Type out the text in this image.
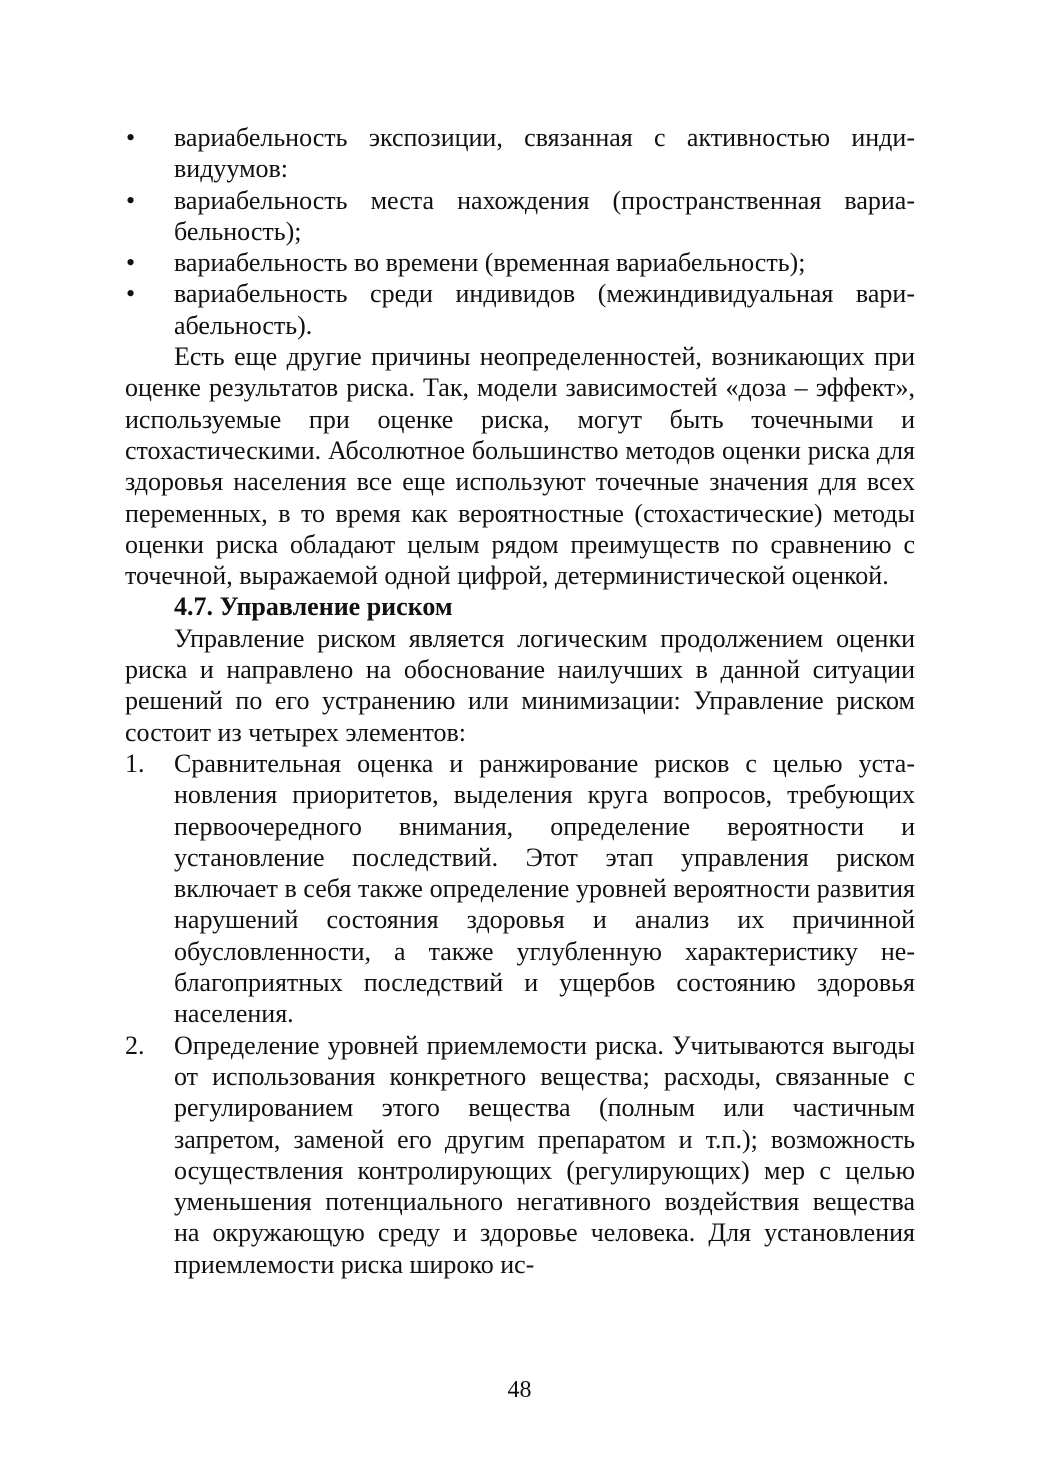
• вариабельность экспозиции, связанная с активностью индивидуумов:
• вариабельность места нахождения (пространственная вариабельность);
• вариабельность во времени (временная вариабельность);
• вариабельность среди индивидов (межиндивидуальная вариабельность).

Есть еще другие причины неопределенностей, возникающих при оценке результатов риска. Так, модели зависимостей «доза – эффект», используемые при оценке риска, могут быть точечными и стохастическими. Абсолютное большинство методов оценки риска для здоровья населения все еще используют точечные значения для всех переменных, в то время как вероятностные (стохастические) методы оценки риска обладают целым рядом преимуществ по сравнению с точечной, выражаемой одной цифрой, детерминистической оценкой.

4.7. Управление риском

Управление риском является логическим продолжением оценки риска и направлено на обоснование наилучших в данной ситуации решений по его устранению или минимизации: Управление риском состоит из четырех элементов:

1. Сравнительная оценка и ранжирование рисков с целью установления приоритетов, выделения круга вопросов, требующих первоочередного внимания, определение вероятности и установление последствий. Этот этап управления риском включает в себя также определение уровней вероятности развития нарушений состояния здоровья и анализ их причинной обусловленности, а также углубленную характеристику неблагоприятных последствий и ущербов состоянию здоровья населения.
2. Определение уровней приемлемости риска. Учитываются выгоды от использования конкретного вещества; расходы, связанные с регулированием этого вещества (полным или частичным запретом, заменой его другим препаратом и т.п.); возможность осуществления контролирующих (регулирующих) мер с целью уменьшения потенциального негативного воздействия вещества на окружающую среду и здоровье человека. Для установления приемлемости риска широко ис-
48
